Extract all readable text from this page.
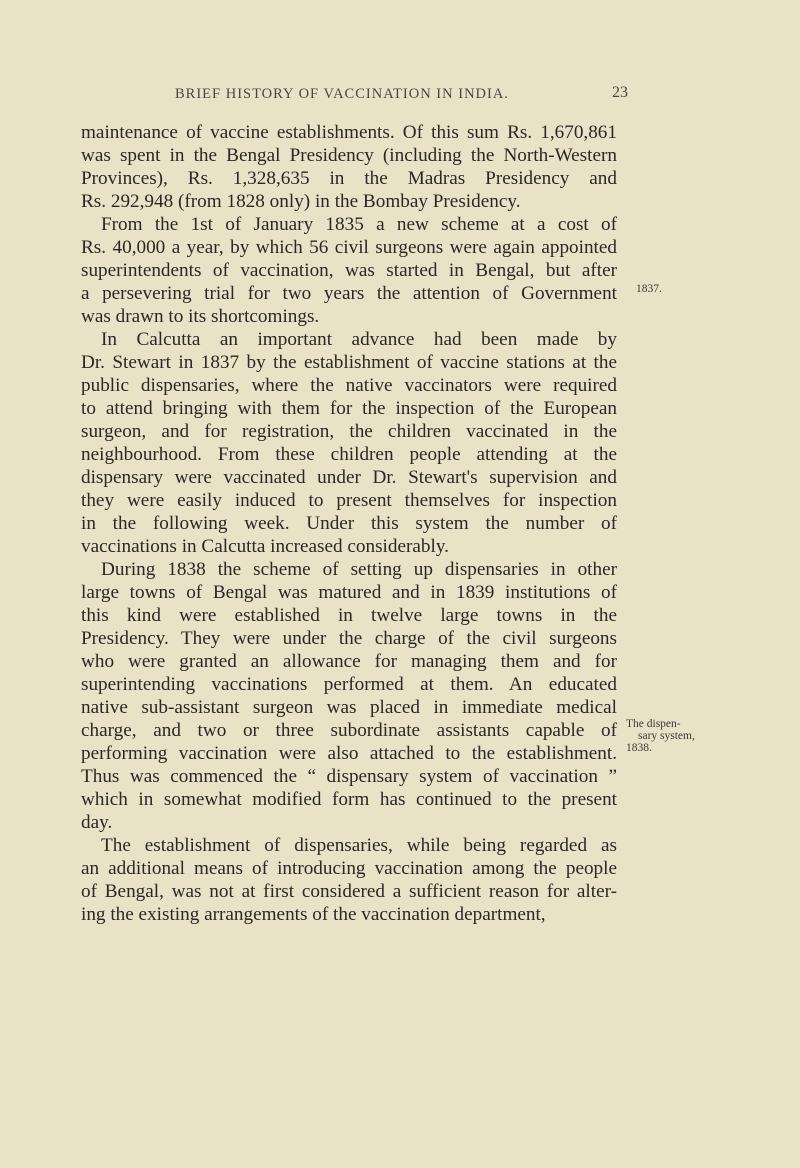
BRIEF HISTORY OF VACCINATION IN INDIA.	23
maintenance of vaccine establishments. Of this sum Rs. 1,670,861
was spent in the Bengal Presidency (including the North-Western
Provinces), Rs. 1,328,635 in the Madras Presidency and
Rs. 292,948 (from 1828 only) in the Bombay Presidency.
From the 1st of January 1835 a new scheme at a cost of
Rs. 40,000 a year, by which 56 civil surgeons were again appointed
superintendents of vaccination, was started in Bengal, but after
a persevering trial for two years the attention of Government
was drawn to its shortcomings.
In Calcutta an important advance had been made by
Dr. Stewart in 1837 by the establishment of vaccine stations at the
public dispensaries, where the native vaccinators were required
to attend bringing with them for the inspection of the European
surgeon, and for registration, the children vaccinated in the
neighbourhood. From these children people attending at the
dispensary were vaccinated under Dr. Stewart's supervision and
they were easily induced to present themselves for inspection
in the following week. Under this system the number of
vaccinations in Calcutta increased considerably.
During 1838 the scheme of setting up dispensaries in other
large towns of Bengal was matured and in 1839 institutions of
this kind were established in twelve large towns in the
Presidency. They were under the charge of the civil surgeons
who were granted an allowance for managing them and for
superintending vaccinations performed at them. An educated
native sub-assistant surgeon was placed in immediate medical
charge, and two or three subordinate assistants capable of
performing vaccination were also attached to the establishment.
Thus was commenced the “ dispensary system of vaccination ”
which in somewhat modified form has continued to the present
day.
The establishment of dispensaries, while being regarded as
an additional means of introducing vaccination among the people
of Bengal, was not at first considered a sufficient reason for alter-
ing the existing arrangements of the vaccination department,
1837.
The dispen-
sary system,
1838.
